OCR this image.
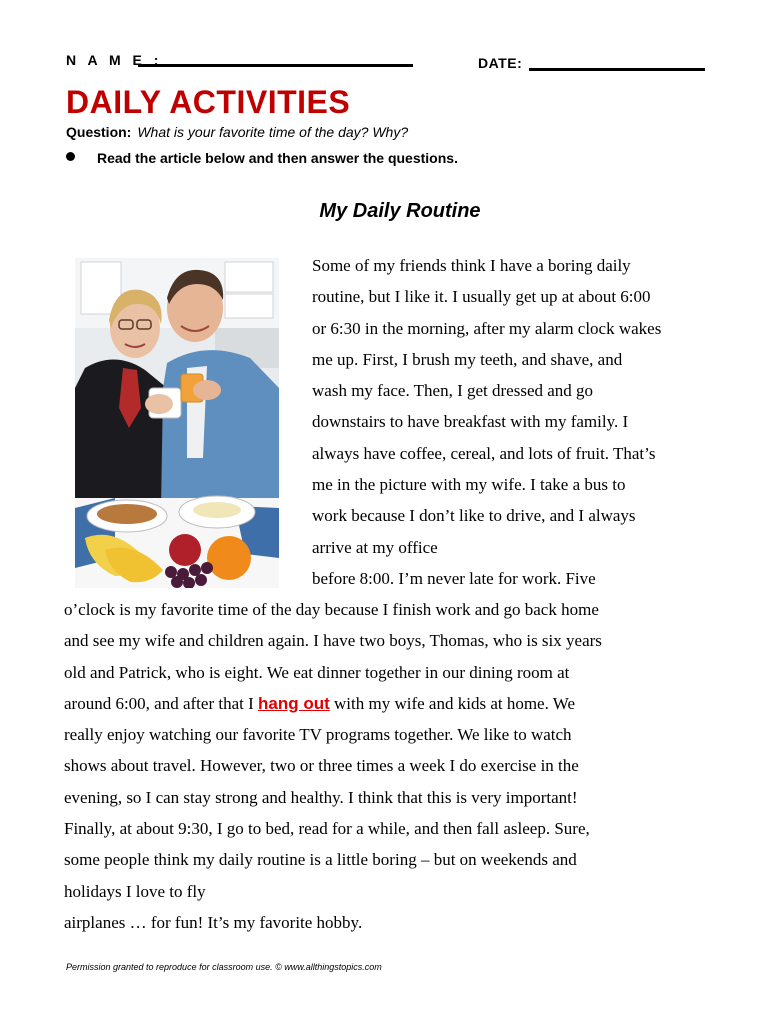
N A M E :	DATE:
DAILY ACTIVITIES
Question: What is your favorite time of the day? Why?
Read the article below and then answer the questions.
My Daily Routine
Some of my friends think I have a boring daily
routine, but I like it. I usually get up at about 6:00
or 6:30 in the morning, after my alarm clock wakes
me up. First, I brush my teeth, and shave, and
wash my face. Then, I get dressed and go
downstairs to have breakfast with my family. I
always have coffee, cereal, and lots of fruit. That’s
me in the picture with my wife. I take a bus to
work because I don’t like to drive, and I always
arrive at my office
before 8:00. I’m never late for work. Five
o’clock is my favorite time of the day because I finish work and go back home
and see my wife and children again. I have two boys, Thomas, who is six years
old and Patrick, who is eight. We eat dinner together in our dining room at
around 6:00, and after that I hang out with my wife and kids at home. We
really enjoy watching our favorite TV programs together. We like to watch
shows about travel. However, two or three times a week I do exercise in the
evening, so I can stay strong and healthy. I think that this is very important!
Finally, at about 9:30, I go to bed, read for a while, and then fall asleep. Sure,
some people think my daily routine is a little boring – but on weekends and
holidays I love to fly
airplanes … for fun! It’s my favorite hobby.
Permission granted to reproduce for classroom use. © www.allthingstopics.com
